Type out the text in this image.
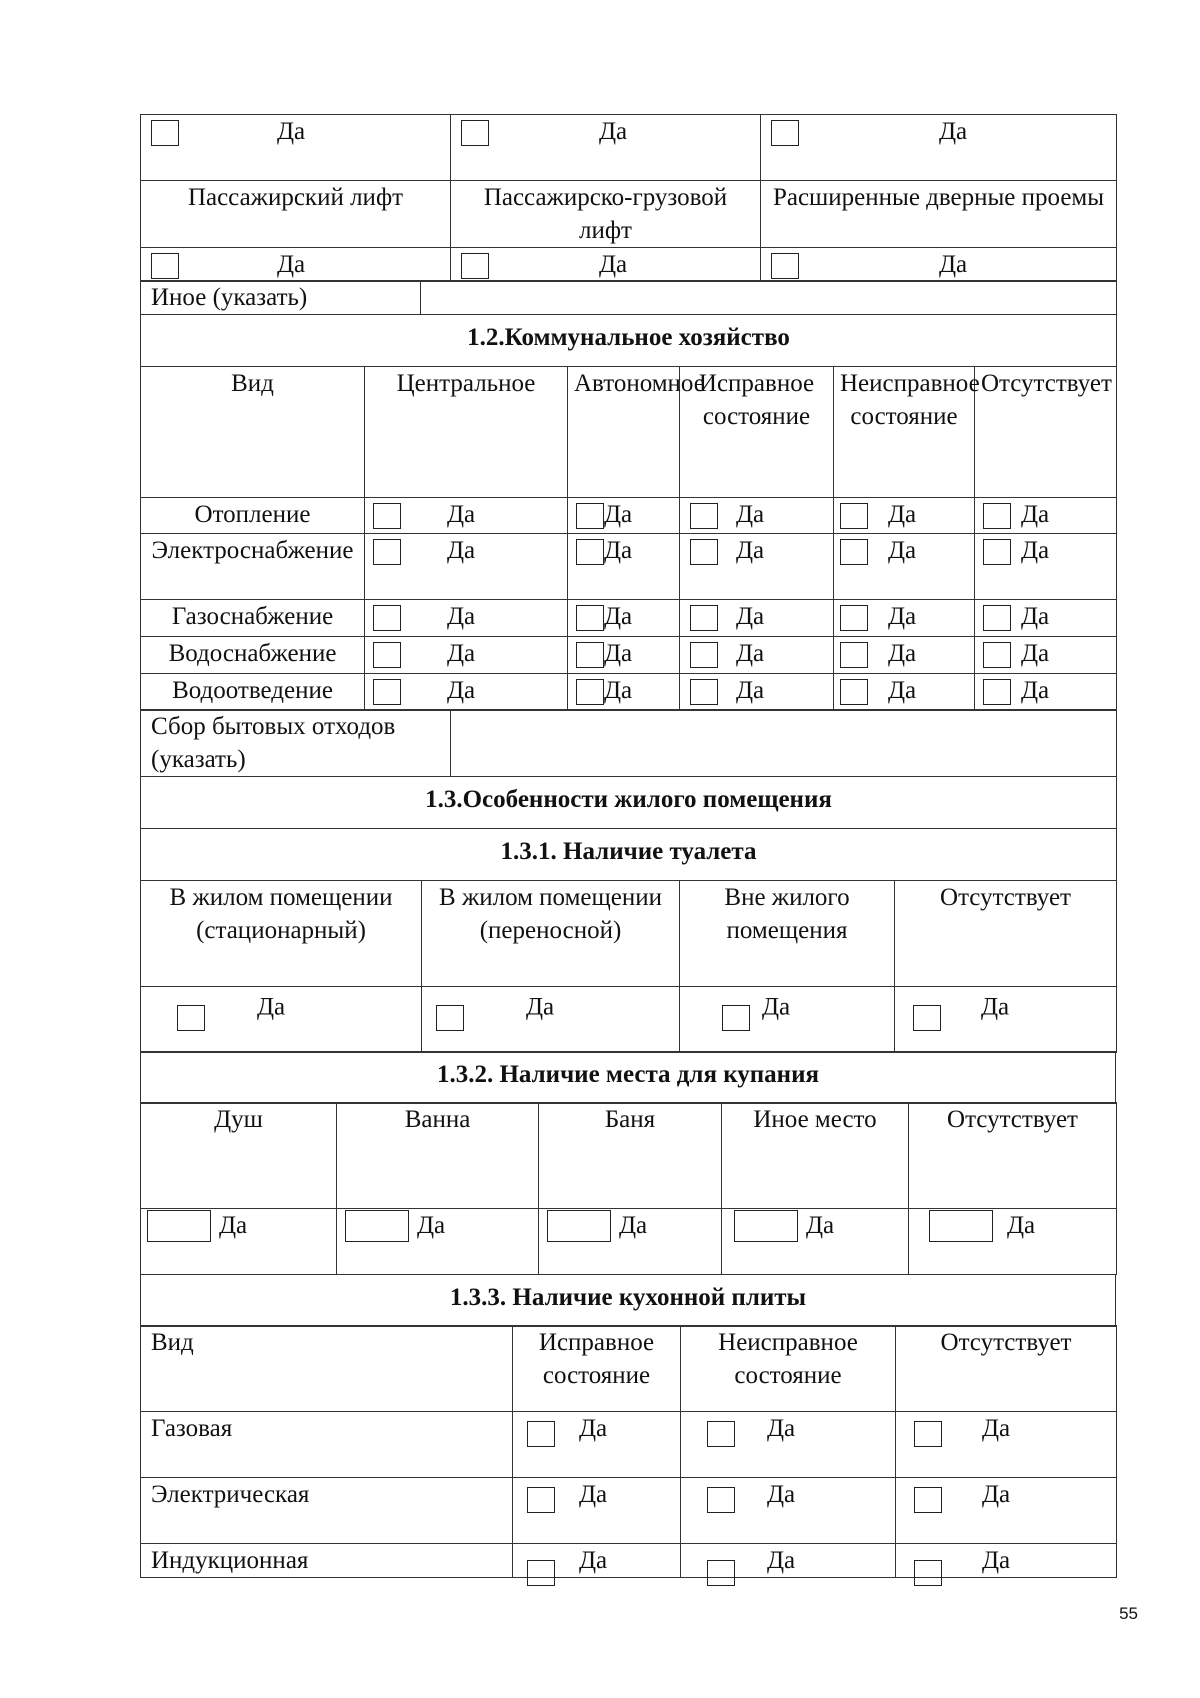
Да	Да	Да
Пассажирский лифт	Пассажирско-грузовой лифт	Расширенные дверные проемы
Да	Да	Да
Иное (указать)	
1.2.Коммунальное хозяйство
Вид	Центральное	Автономное	Исправное состояние	Неисправное состояние	Отсутствует
Отопление	Да	Да	Да	Да	Да
Электроснабжение	Да	Да	Да	Да	Да
Газоснабжение	Да	Да	Да	Да	Да
Водоснабжение	Да	Да	Да	Да	Да
Водоотведение	Да	Да	Да	Да	Да
Сбор бытовых отходов (указать)	
1.3.Особенности жилого помещения
1.3.1. Наличие туалета
В жилом помещении (стационарный)	В жилом помещении (переносной)	Вне жилого помещения	Отсутствует
Да	Да	Да	Да
1.3.2. Наличие места для купания
Душ	Ванна	Баня	Иное место	Отсутствует
Да	Да	Да	Да	Да
1.3.3. Наличие кухонной плиты
Вид	Исправное состояние	Неисправное состояние	Отсутствует
Газовая	Да	Да	Да
Электрическая	Да	Да	Да
Индукционная	Да	Да	Да
55
